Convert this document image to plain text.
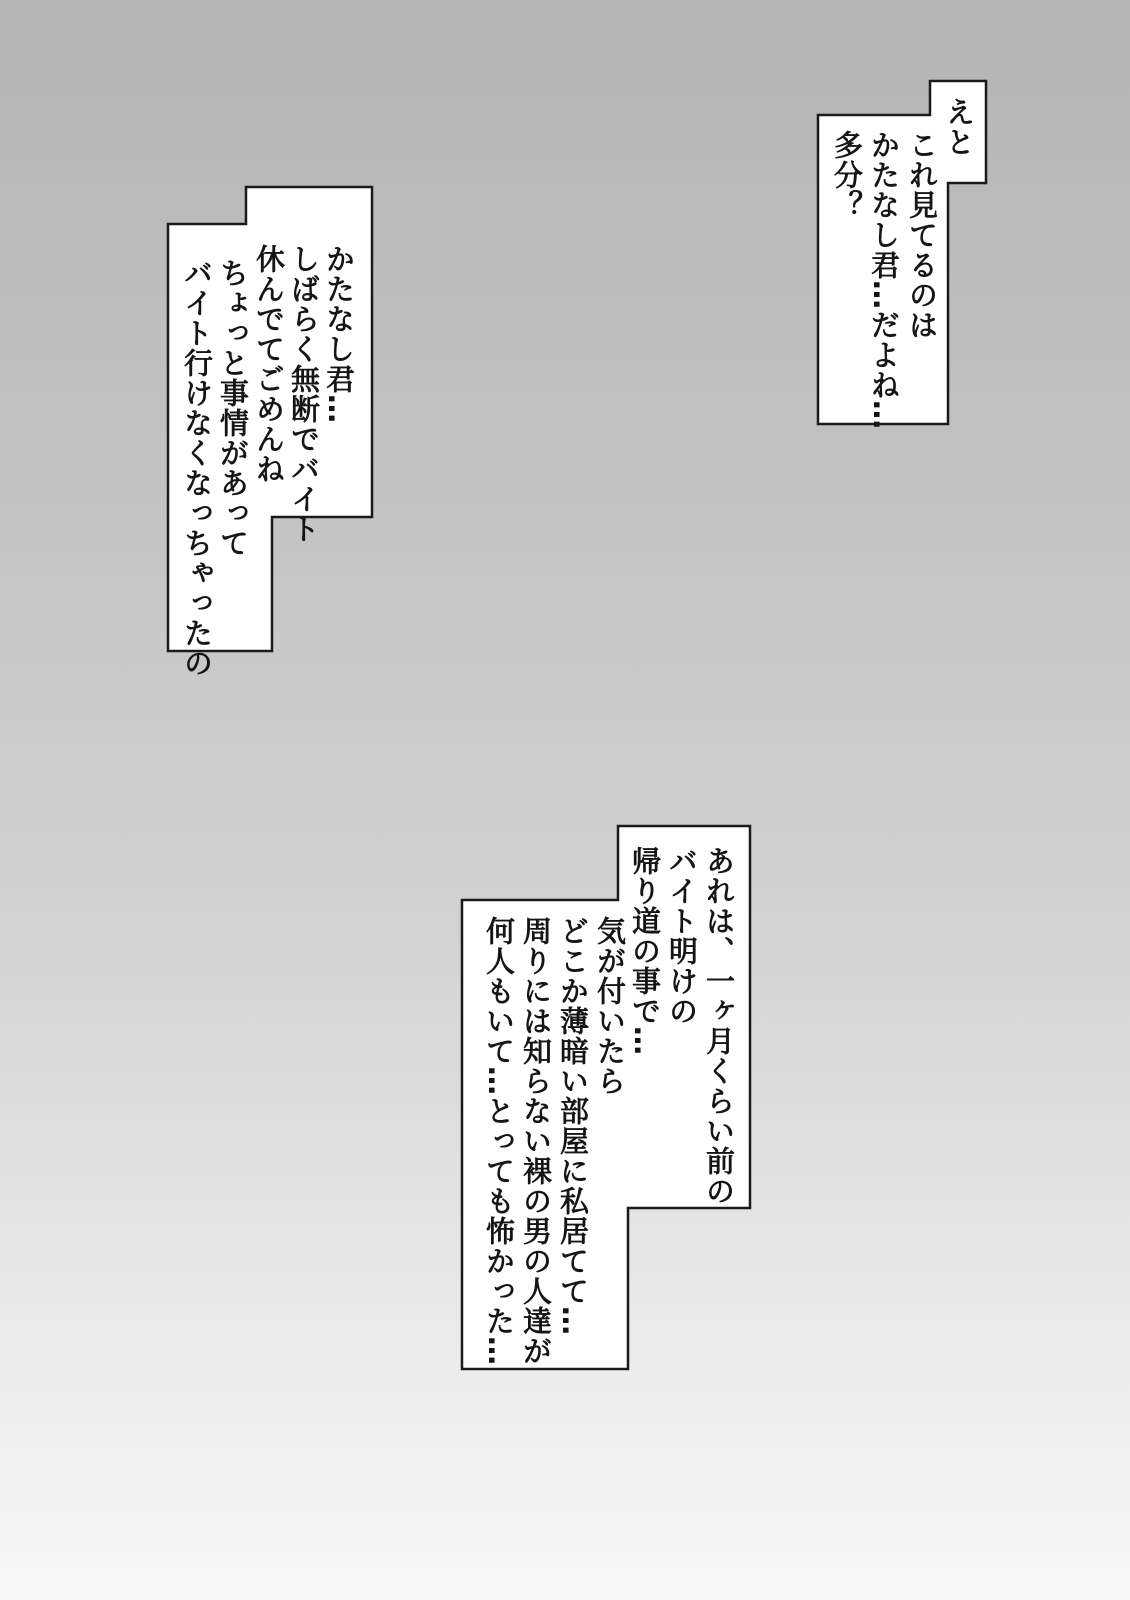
えと
これ見てるのは
かたなし君…だよね…
多分？
かたなし君…
しばらく無断でバイト
休んでてごめんね
ちょっと事情があって
バイト行けなくなっちゃったの
あれは、一ヶ月くらい前の
バイト明けの
帰り道の事で…
気が付いたら
どこか薄暗い部屋に私居てて…
周りには知らない裸の男の人達が
何人もいて…とっても怖かった…
